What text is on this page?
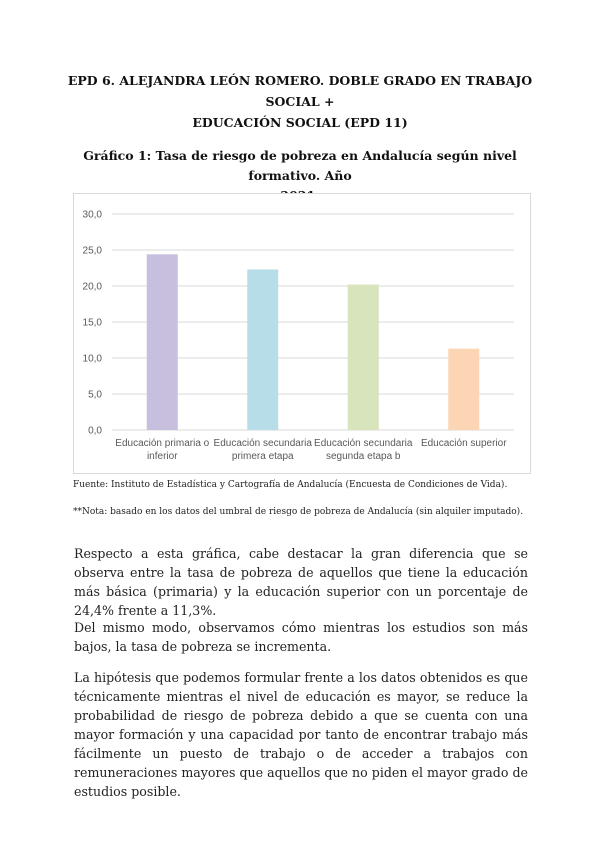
EPD 6. ALEJANDRA LEÓN ROMERO. DOBLE GRADO EN TRABAJO SOCIAL +
EDUCACIÓN SOCIAL (EPD 11)
Gráfico 1: Tasa de riesgo de pobreza en Andalucía según nivel formativo. Año
0,0
5,0
10,0
15,0
20,0
25,0
30,0
Educación primaria o inferior
Educación secundaria primera etapa
Educación secundaria segunda etapa b
Educación superior
Fuente: Instituto de Estadística y Cartografía de Andalucía (Encuesta de Condiciones de Vida).
**Nota: basado en los datos del umbral de riesgo de pobreza de Andalucía (sin alquiler imputado).
Respecto a esta gráfica, cabe destacar la gran diferencia que se observa entre la tasa de pobreza de aquellos que tiene la educación más básica (primaria) y la educación superior con un porcentaje de 24,4% frente a 11,3%.
Del mismo modo, observamos cómo mientras los estudios son más bajos, la tasa de pobreza se incrementa.
La hipótesis que podemos formular frente a los datos obtenidos es que técnicamente mientras el nivel de educación es mayor, se reduce la probabilidad de riesgo de pobreza debido a que se cuenta con una mayor formación y una capacidad por tanto de encontrar trabajo más fácilmente un puesto de trabajo o de acceder a trabajos con remuneraciones mayores que aquellos que no piden el mayor grado de estudios posible.
